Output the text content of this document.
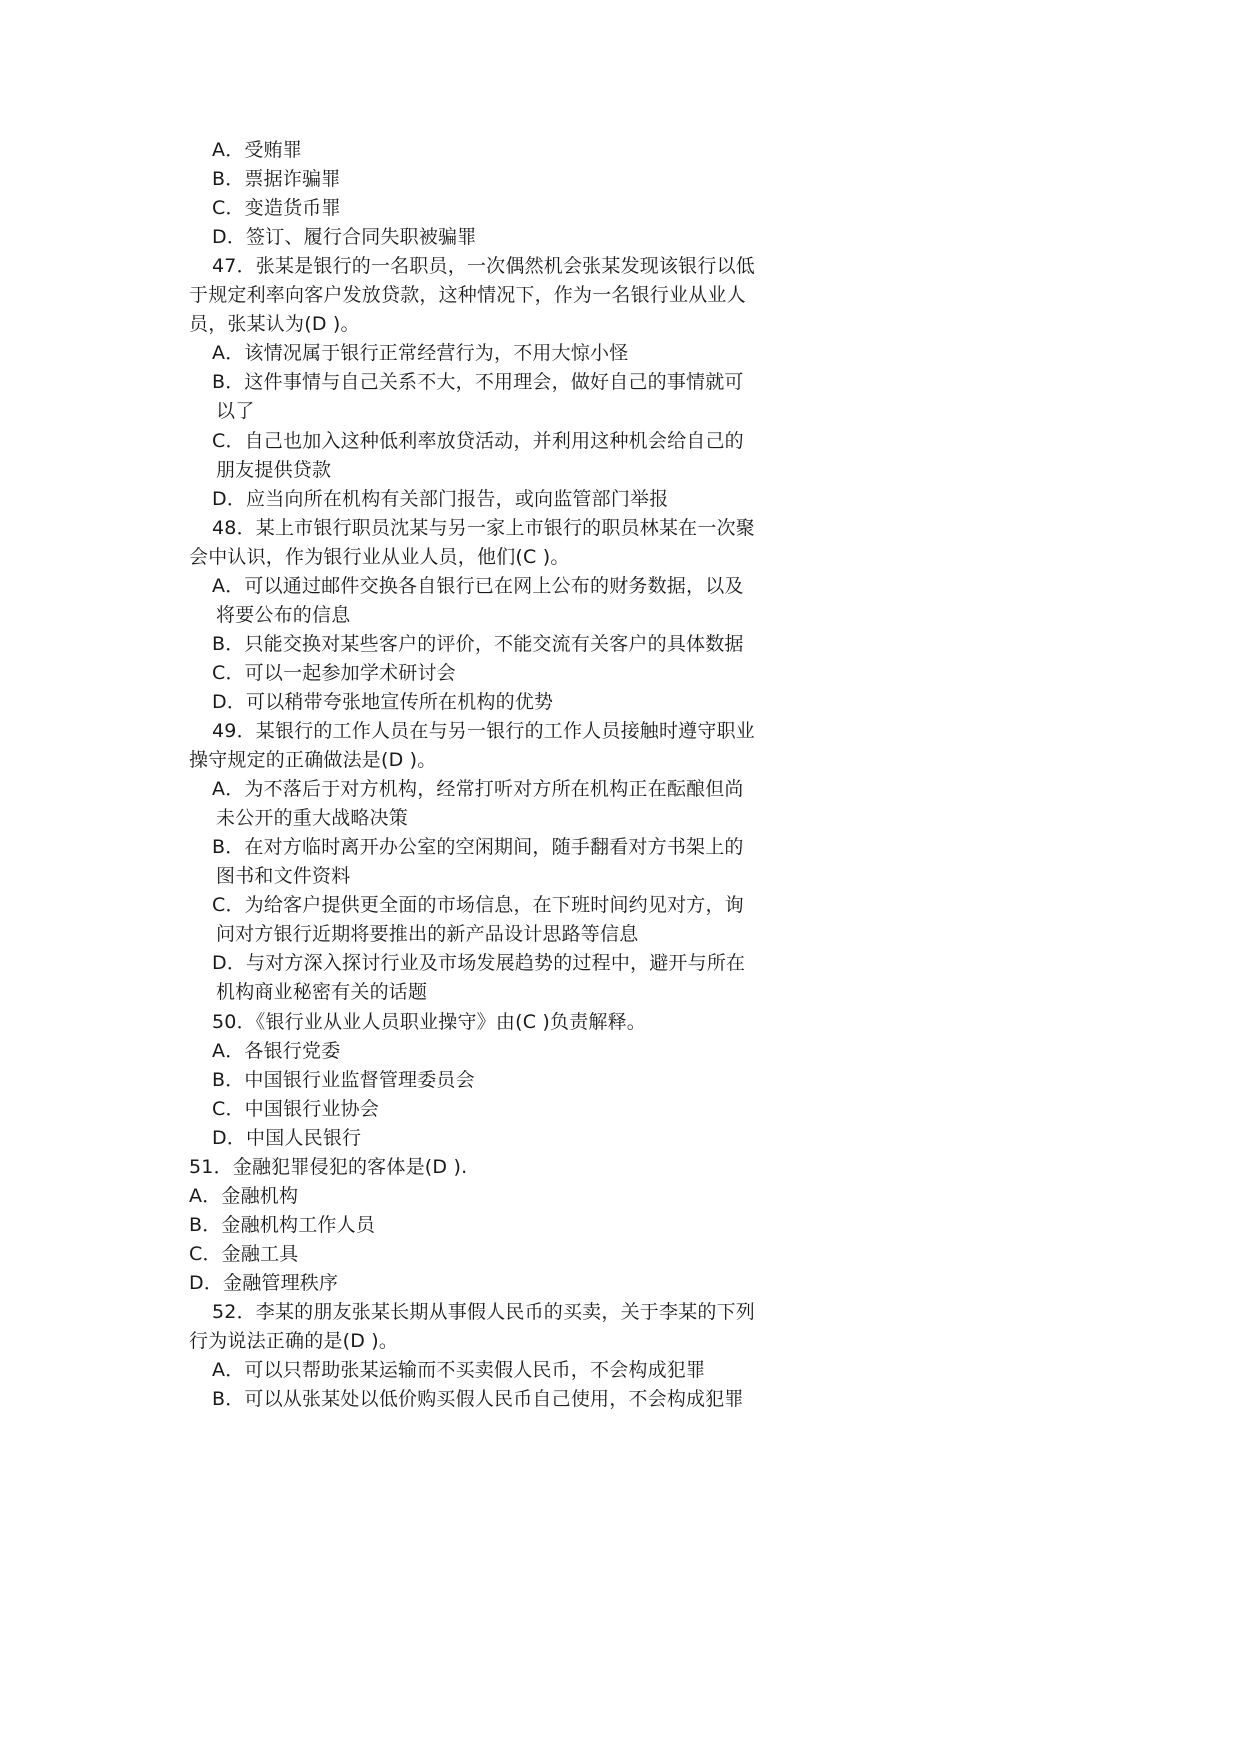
A．受贿罪
B．票据诈骗罪
C．变造货币罪
D．签订、履行合同失职被骗罪
47．张某是银行的一名职员，一次偶然机会张某发现该银行以低
于规定利率向客户发放贷款，这种情况下，作为一名银行业从业人
员，张某认为(D )。
A．该情况属于银行正常经营行为，不用大惊小怪
B．这件事情与自己关系不大，不用理会，做好自己的事情就可
以了
C．自己也加入这种低利率放贷活动，并利用这种机会给自己的
朋友提供贷款
D．应当向所在机构有关部门报告，或向监管部门举报
48．某上市银行职员沈某与另一家上市银行的职员林某在一次聚
会中认识，作为银行业从业人员，他们(C )。
A．可以通过邮件交换各自银行已在网上公布的财务数据，以及
将要公布的信息
B．只能交换对某些客户的评价，不能交流有关客户的具体数据
C．可以一起参加学术研讨会
D．可以稍带夸张地宣传所在机构的优势
49．某银行的工作人员在与另一银行的工作人员接触时遵守职业
操守规定的正确做法是(D )。
A．为不落后于对方机构，经常打听对方所在机构正在酝酿但尚
未公开的重大战略决策
B．在对方临时离开办公室的空闲期间，随手翻看对方书架上的
图书和文件资料
C．为给客户提供更全面的市场信息，在下班时间约见对方，询
问对方银行近期将要推出的新产品设计思路等信息
D．与对方深入探讨行业及市场发展趋势的过程中，避开与所在
机构商业秘密有关的话题
50．《银行业从业人员职业操守》由(C )负责解释。
A．各银行党委
B．中国银行业监督管理委员会
C．中国银行业协会
D．中国人民银行
51．金融犯罪侵犯的客体是(D ).
A．金融机构
B．金融机构工作人员
C．金融工具
D．金融管理秩序
52．李某的朋友张某长期从事假人民币的买卖，关于李某的下列
行为说法正确的是(D )。
A．可以只帮助张某运输而不买卖假人民币，不会构成犯罪
B．可以从张某处以低价购买假人民币自己使用，不会构成犯罪
